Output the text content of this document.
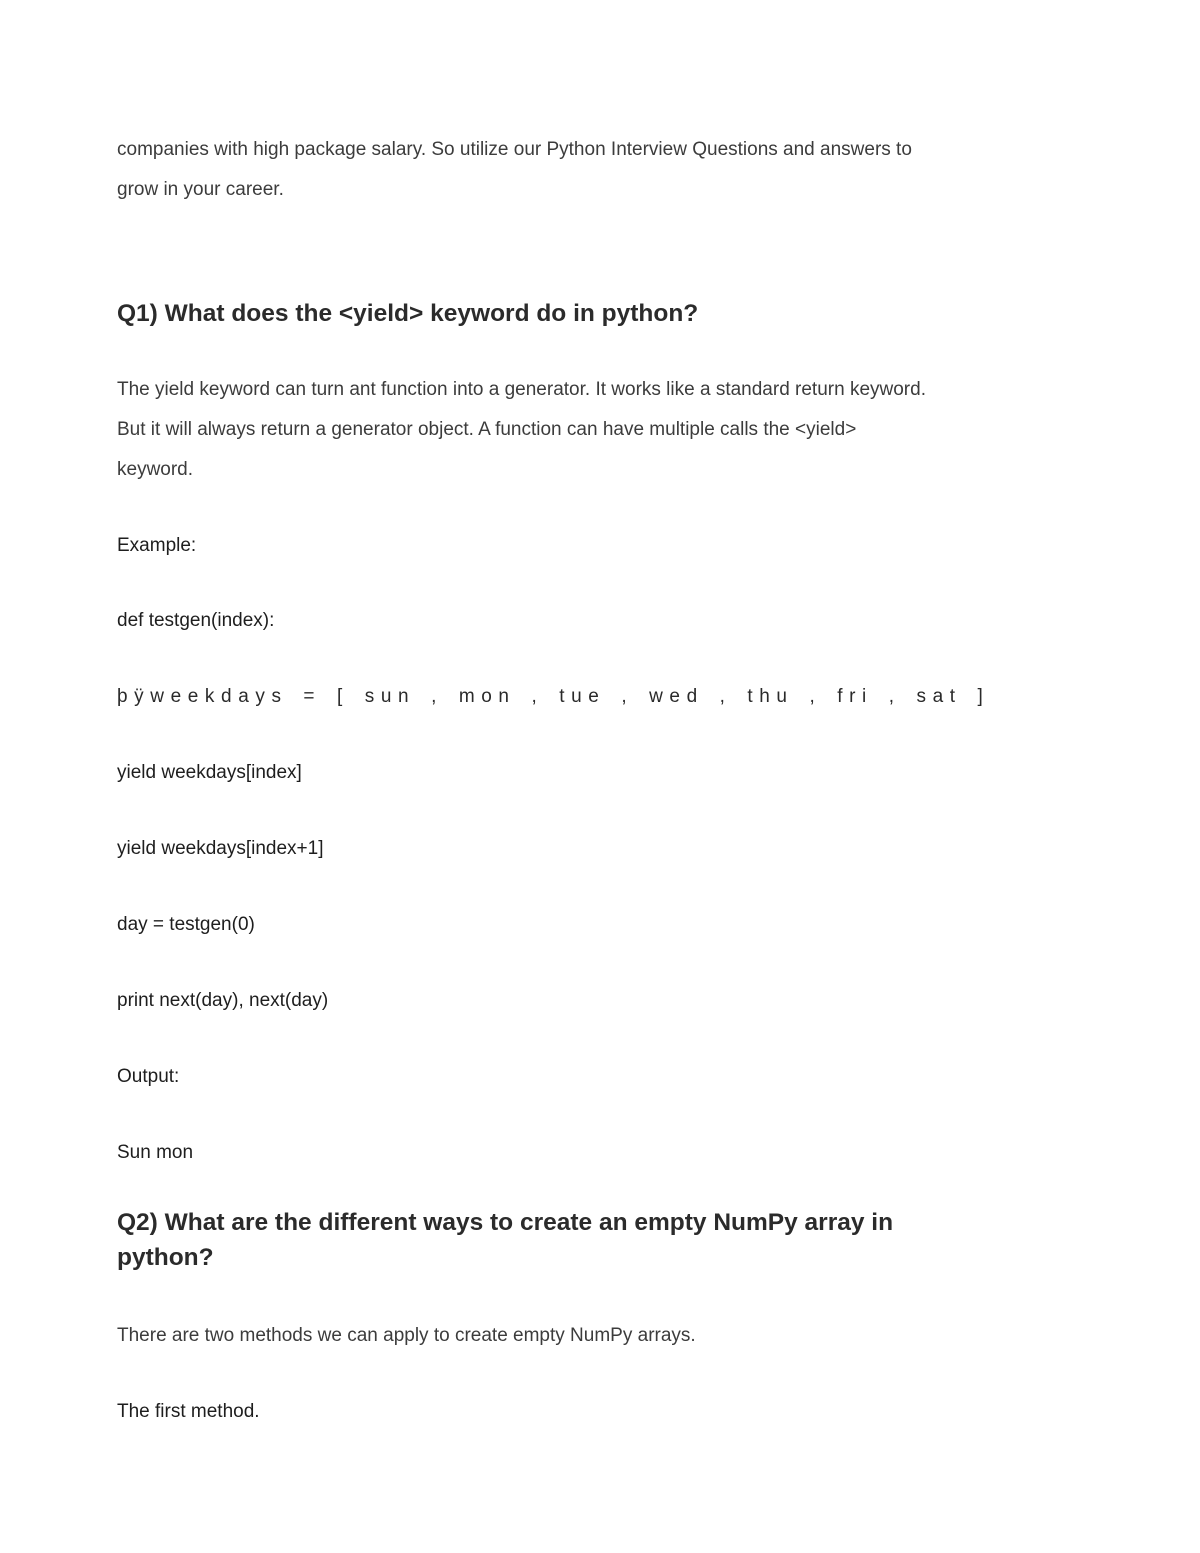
companies with high package salary. So utilize our Python Interview Questions and answers to

grow in your career.

Q1) What does the <yield> keyword do in python?

The yield keyword can turn ant function into a generator. It works like a standard return keyword.

But it will always return a generator object. A function can have multiple calls the <yield>

keyword.

Example:

def testgen(index):

þÿweekdays = [ sun , mon , tue , wed , thu , fri , sat ]

yield weekdays[index]

yield weekdays[index+1]

day = testgen(0)

print next(day), next(day)

Output:

Sun mon

Q2) What are the different ways to create an empty NumPy array in
python?

There are two methods we can apply to create empty NumPy arrays.

The first method.
